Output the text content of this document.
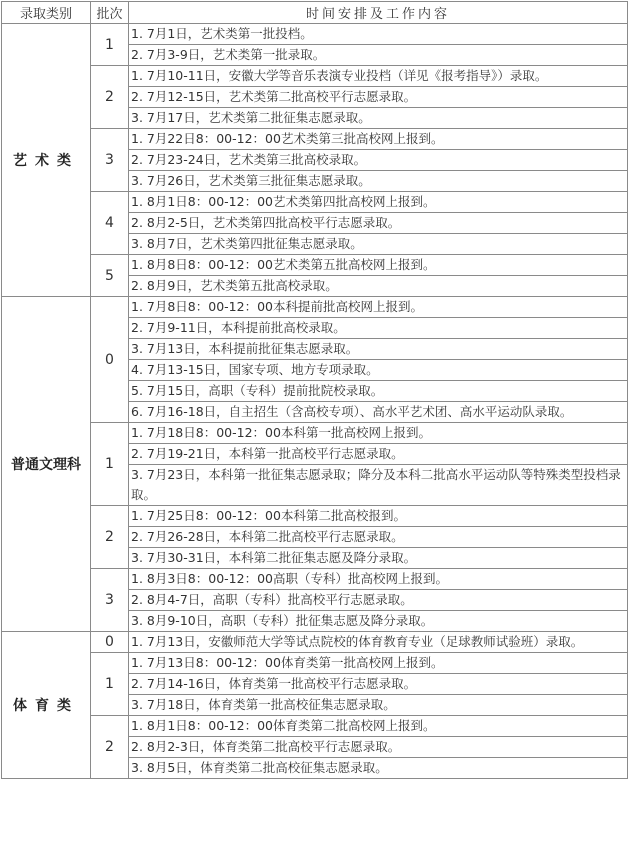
录取类别	批次	时间安排及工作内容
艺术类	1	1. 7月1日，艺术类第一批投档。
		2. 7月3-9日，艺术类第一批录取。
	2	1. 7月10-11日，安徽大学等音乐表演专业投档（详见《报考指导》）录取。
		2. 7月12-15日，艺术类第二批高校平行志愿录取。
		3. 7月17日，艺术类第二批征集志愿录取。
	3	1. 7月22日8：00-12：00艺术类第三批高校网上报到。
		2. 7月23-24日，艺术类第三批高校录取。
		3. 7月26日，艺术类第三批征集志愿录取。
	4	1. 8月1日8：00-12：00艺术类第四批高校网上报到。
		2. 8月2-5日，艺术类第四批高校平行志愿录取。
		3. 8月7日，艺术类第四批征集志愿录取。
	5	1. 8月8日8：00-12：00艺术类第五批高校网上报到。
		2. 8月9日，艺术类第五批高校录取。
普通文理科	0	1. 7月8日8：00-12：00本科提前批高校网上报到。
		2. 7月9-11日，本科提前批高校录取。
		3. 7月13日，本科提前批征集志愿录取。
		4. 7月13-15日，国家专项、地方专项录取。
		5. 7月15日，高职（专科）提前批院校录取。
		6. 7月16-18日，自主招生（含高校专项）、高水平艺术团、高水平运动队录取。
	1	1. 7月18日8：00-12：00本科第一批高校网上报到。
		2. 7月19-21日，本科第一批高校平行志愿录取。
		3. 7月23日，本科第一批征集志愿录取；降分及本科二批高水平运动队等特殊类型投档录取。
	2	1. 7月25日8：00-12：00本科第二批高校报到。
		2. 7月26-28日，本科第二批高校平行志愿录取。
		3. 7月30-31日，本科第二批征集志愿及降分录取。
	3	1. 8月3日8：00-12：00高职（专科）批高校网上报到。
		2. 8月4-7日，高职（专科）批高校平行志愿录取。
		3. 8月9-10日，高职（专科）批征集志愿及降分录取。
体育类	0	1. 7月13日，安徽师范大学等试点院校的体育教育专业（足球教师试验班）录取。
	1	1. 7月13日8：00-12：00体育类第一批高校网上报到。
		2. 7月14-16日，体育类第一批高校平行志愿录取。
		3. 7月18日，体育类第一批高校征集志愿录取。
	2	1. 8月1日8：00-12：00体育类第二批高校网上报到。
		2. 8月2-3日，体育类第二批高校平行志愿录取。
		3. 8月5日，体育类第二批高校征集志愿录取。
